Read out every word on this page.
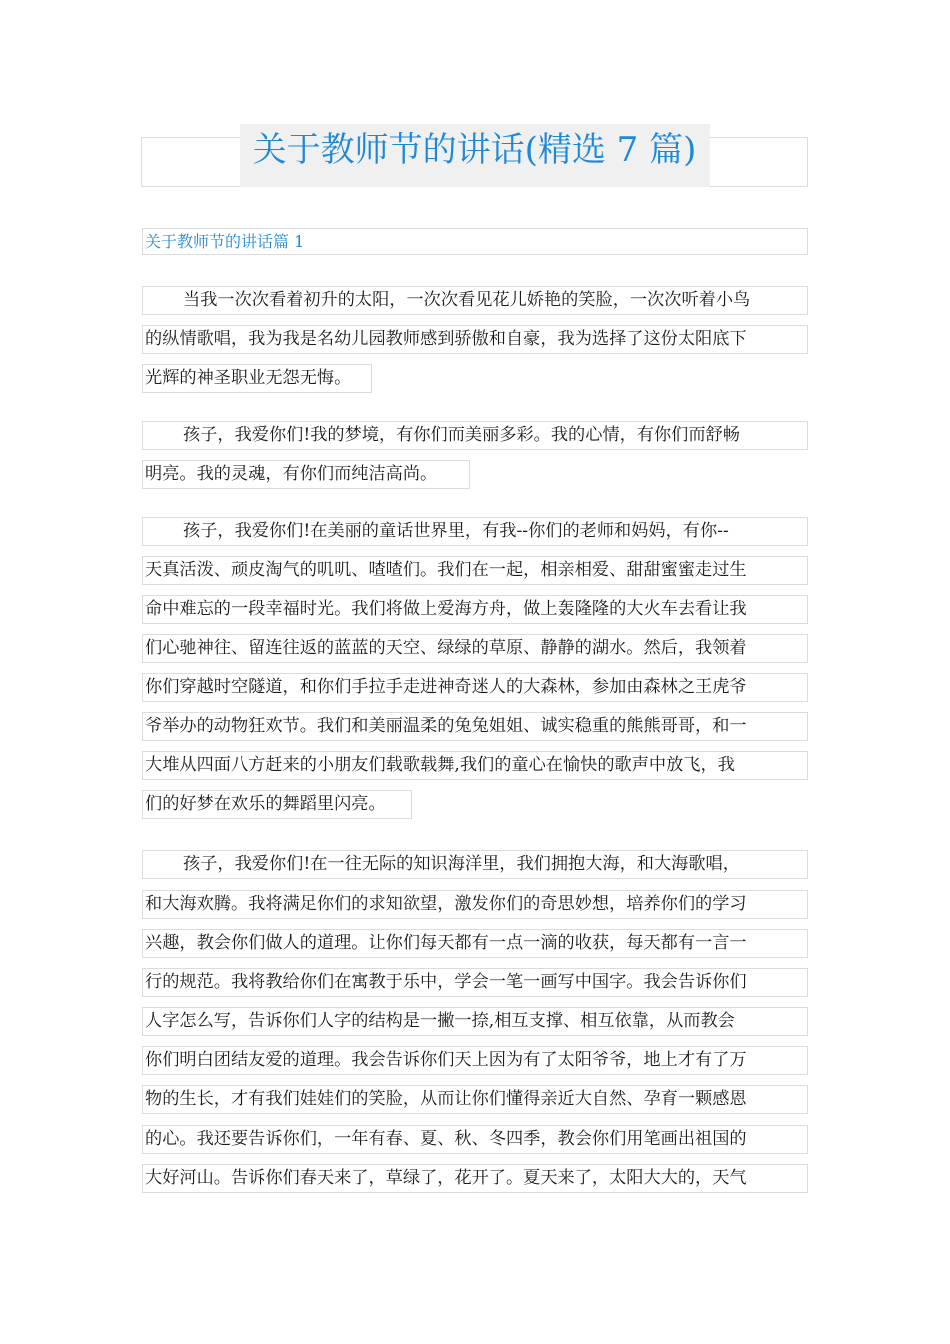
关于教师节的讲话(精选 7 篇)
关于教师节的讲话篇 1
当我一次次看着初升的太阳，一次次看见花儿娇艳的笑脸，一次次听着小鸟
的纵情歌唱，我为我是名幼儿园教师感到骄傲和自豪，我为选择了这份太阳底下
光辉的神圣职业无怨无悔。
孩子，我爱你们!我的梦境，有你们而美丽多彩。我的心情，有你们而舒畅
明亮。我的灵魂，有你们而纯洁高尚。
孩子，我爱你们!在美丽的童话世界里，有我--你们的老师和妈妈，有你--
天真活泼、顽皮淘气的叽叽、喳喳们。我们在一起，相亲相爱、甜甜蜜蜜走过生
命中难忘的一段幸福时光。我们将做上爱海方舟，做上轰隆隆的大火车去看让我
们心驰神往、留连往返的蓝蓝的天空、绿绿的草原、静静的湖水。然后，我领着
你们穿越时空隧道，和你们手拉手走进神奇迷人的大森林，参加由森林之王虎爷
爷举办的动物狂欢节。我们和美丽温柔的兔兔姐姐、诚实稳重的熊熊哥哥，和一
大堆从四面八方赶来的小朋友们载歌载舞,我们的童心在愉快的歌声中放飞，我
们的好梦在欢乐的舞蹈里闪亮。
孩子，我爱你们!在一往无际的知识海洋里，我们拥抱大海，和大海歌唱，
和大海欢腾。我将满足你们的求知欲望，激发你们的奇思妙想，培养你们的学习
兴趣，教会你们做人的道理。让你们每天都有一点一滴的收获，每天都有一言一
行的规范。我将教给你们在寓教于乐中，学会一笔一画写中国字。我会告诉你们
人字怎么写，告诉你们人字的结构是一撇一捺,相互支撑、相互依靠，从而教会
你们明白团结友爱的道理。我会告诉你们天上因为有了太阳爷爷，地上才有了万
物的生长，才有我们娃娃们的笑脸，从而让你们懂得亲近大自然、孕育一颗感恩
的心。我还要告诉你们，一年有春、夏、秋、冬四季，教会你们用笔画出祖国的
大好河山。告诉你们春天来了，草绿了，花开了。夏天来了，太阳大大的，天气
